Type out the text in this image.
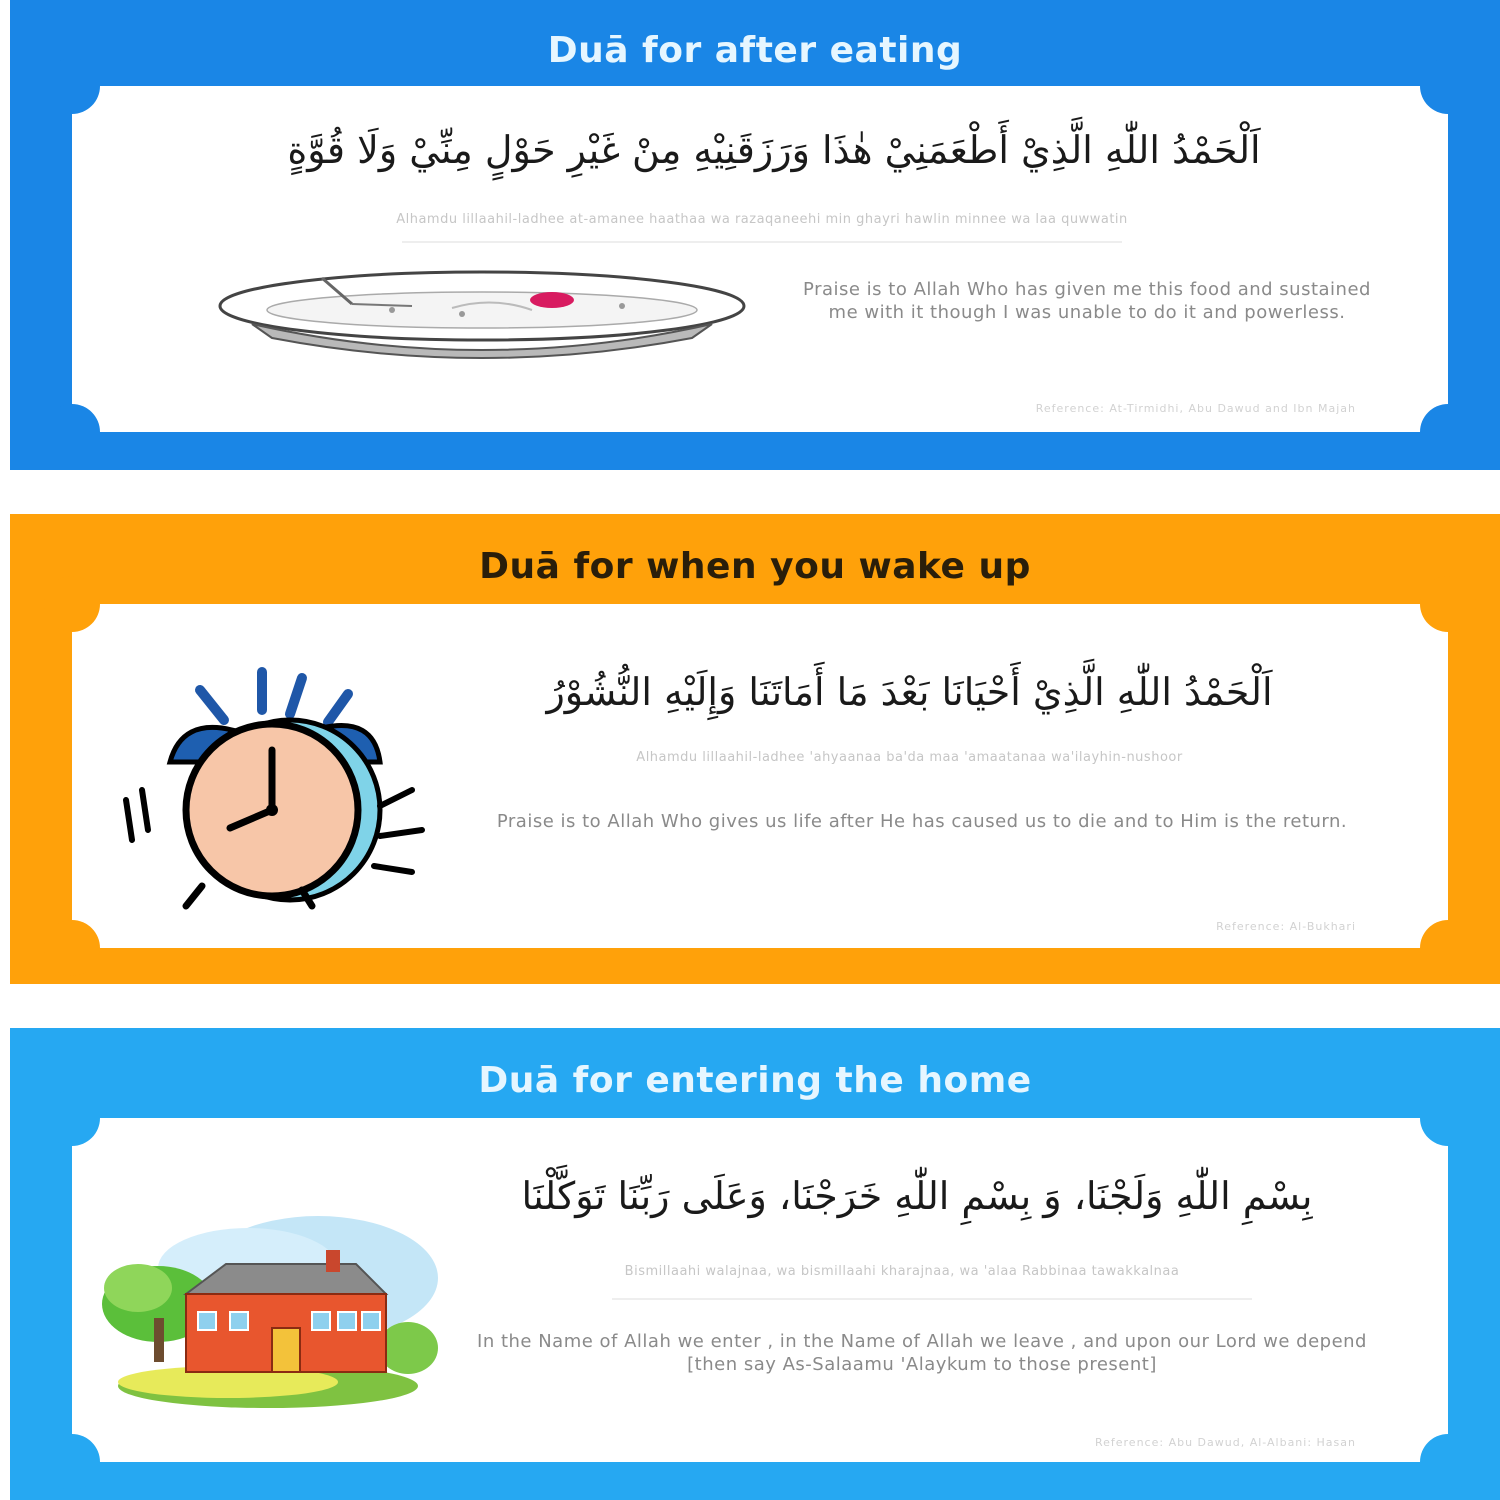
Duā for after eating
اَلْحَمْدُ اللّٰهِ الَّذِيْ أَطْعَمَنِيْ هٰذَا وَرَزَقَنِيْهِ مِنْ غَيْرِ حَوْلٍ مِنِّيْ وَلَا قُوَّةٍ
Alhamdu lillaahil-ladhee at-amanee haathaa wa razaqaneehi min ghayri hawlin minnee wa laa quwwatin
Praise is to Allah Who has given me this food and sustained me with it though I was unable to do it and powerless.
Reference: At-Tirmidhi, Abu Dawud and Ibn Majah
Duā for when you wake up
اَلْحَمْدُ اللّٰهِ الَّذِيْ أَحْيَانَا بَعْدَ مَا أَمَاتَنَا وَإِلَيْهِ النُّشُوْرُ
Alhamdu lillaahil-ladhee 'ahyaanaa ba'da maa 'amaatanaa wa'ilayhin-nushoor
Praise is to Allah Who gives us life after He has caused us to die and to Him is the return.
Reference: Al-Bukhari
Duā for entering the home
بِسْمِ اللّٰهِ وَلَجْنَا، وَ بِسْمِ اللّٰهِ خَرَجْنَا، وَعَلَى رَبِّنَا تَوَكَّلْنَا
Bismillaahi walajnaa, wa bismillaahi kharajnaa, wa 'alaa Rabbinaa tawakkalnaa
In the Name of Allah we enter , in the Name of Allah we leave , and upon our Lord we depend [then say As-Salaamu 'Alaykum to those present]
Reference: Abu Dawud, Al-Albani: Hasan
